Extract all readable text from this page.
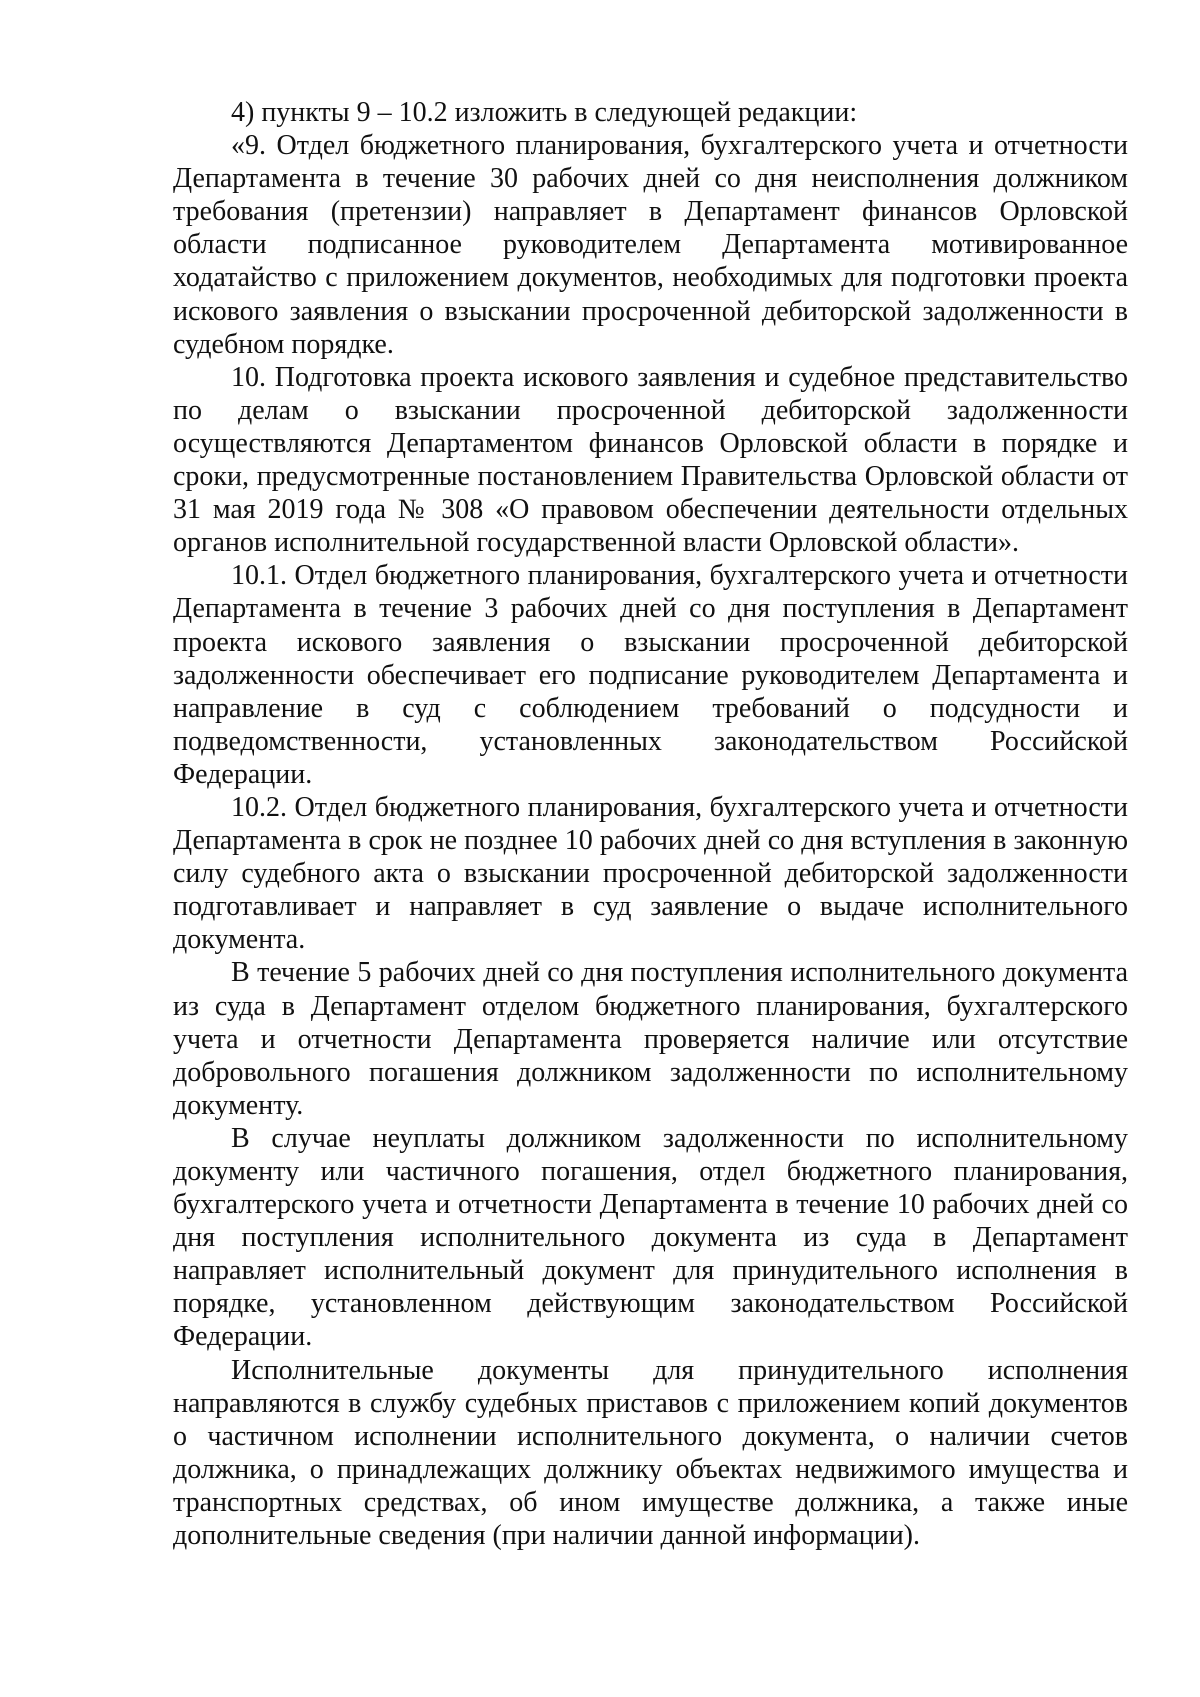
4) пункты 9 – 10.2 изложить в следующей редакции:

«9. Отдел бюджетного планирования, бухгалтерского учета и отчетности Департамента в течение 30 рабочих дней со дня неисполнения должником требования (претензии) направляет в Департамент финансов Орловской области подписанное руководителем Департамента мотивированное ходатайство с приложением документов, необходимых для подготовки проекта искового заявления о взыскании просроченной дебиторской задолженности в судебном порядке.

10. Подготовка проекта искового заявления и судебное представительство по делам о взыскании просроченной дебиторской задолженности осуществляются Департаментом финансов Орловской области в порядке и сроки, предусмотренные постановлением Правительства Орловской области от 31 мая 2019 года № 308 «О правовом обеспечении деятельности отдельных органов исполнительной государственной власти Орловской области».

10.1. Отдел бюджетного планирования, бухгалтерского учета и отчетности Департамента в течение 3 рабочих дней со дня поступления в Департамент проекта искового заявления о взыскании просроченной дебиторской задолженности обеспечивает его подписание руководителем Департамента и направление в суд с соблюдением требований о подсудности и подведомственности, установленных законодательством Российской Федерации.

10.2. Отдел бюджетного планирования, бухгалтерского учета и отчетности Департамента в срок не позднее 10 рабочих дней со дня вступления в законную силу судебного акта о взыскании просроченной дебиторской задолженности подготавливает и направляет в суд заявление о выдаче исполнительного документа.

В течение 5 рабочих дней со дня поступления исполнительного документа из суда в Департамент отделом бюджетного планирования, бухгалтерского учета и отчетности Департамента проверяется наличие или отсутствие добровольного погашения должником задолженности по исполнительному документу.

В случае неуплаты должником задолженности по исполнительному документу или частичного погашения, отдел бюджетного планирования, бухгалтерского учета и отчетности Департамента в течение 10 рабочих дней со дня поступления исполнительного документа из суда в Департамент направляет исполнительный документ для принудительного исполнения в порядке, установленном действующим законодательством Российской Федерации.

Исполнительные документы для принудительного исполнения направляются в службу судебных приставов с приложением копий документов о частичном исполнении исполнительного документа, о наличии счетов должника, о принадлежащих должнику объектах недвижимого имущества и транспортных средствах, об ином имуществе должника, а также иные дополнительные сведения (при наличии данной информации).
